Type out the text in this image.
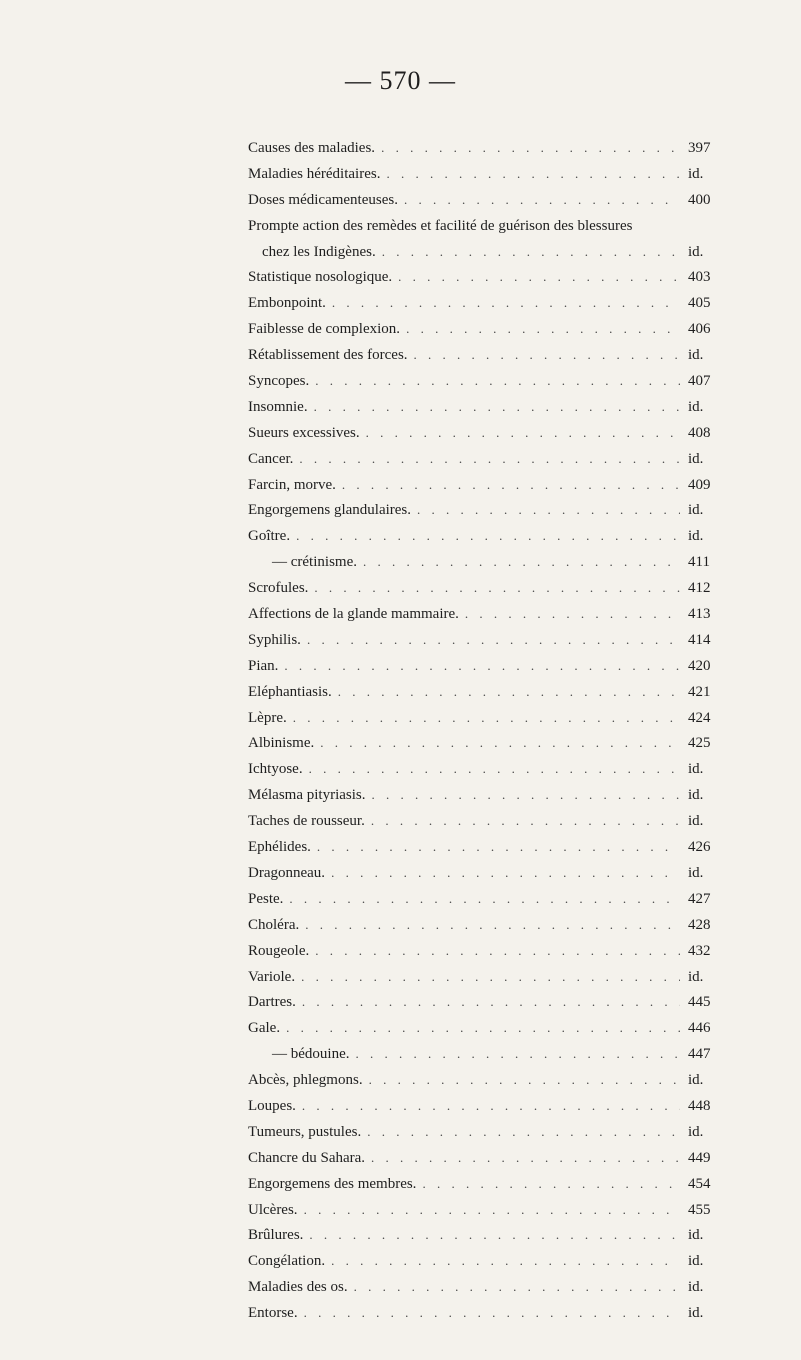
— 570 —
Causes des maladies. . . .	397
Maladies héréditaires. . . .	id.
Doses médicamenteuses. . . .	400
Prompte action des remèdes et facilité de guérison des blessures
chez les Indigènes. . . .	id.
Statistique nosologique. . . .	403
Embonpoint. . . .	405
Faiblesse de complexion. . . .	406
Rétablissement des forces. . . .	id.
Syncopes. . . .	407
Insomnie. . . .	id.
Sueurs excessives. . . .	408
Cancer. . . .	id.
Farcin, morve. . . .	409
Engorgemens glandulaires. . . .	id.
Goître. . . .	id.
— crétinisme. . . .	411
Scrofules. . . .	412
Affections de la glande mammaire. . . .	413
Syphilis. . . .	414
Pian. . . .	420
Eléphantiasis. . . .	421
Lèpre. . . .	424
Albinisme. . . .	425
Ichtyose. . . .	id.
Mélasma pityriasis. . . .	id.
Taches de rousseur. . . .	id.
Ephélides. . . .	426
Dragonneau. . . .	id.
Peste. . . .	427
Choléra. . . .	428
Rougeole. . . .	432
Variole. . . .	id.
Dartres. . . .	445
Gale. . . .	446
— bédouine. . . .	447
Abcès, phlegmons. . . .	id.
Loupes. . . .	448
Tumeurs, pustules. . . .	id.
Chancre du Sahara. . . .	449
Engorgemens des membres. . . .	454
Ulcères. . . .	455
Brûlures. . . .	id.
Congélation. . . .	id.
Maladies des os. . . .	id.
Entorse. . . .	id.
